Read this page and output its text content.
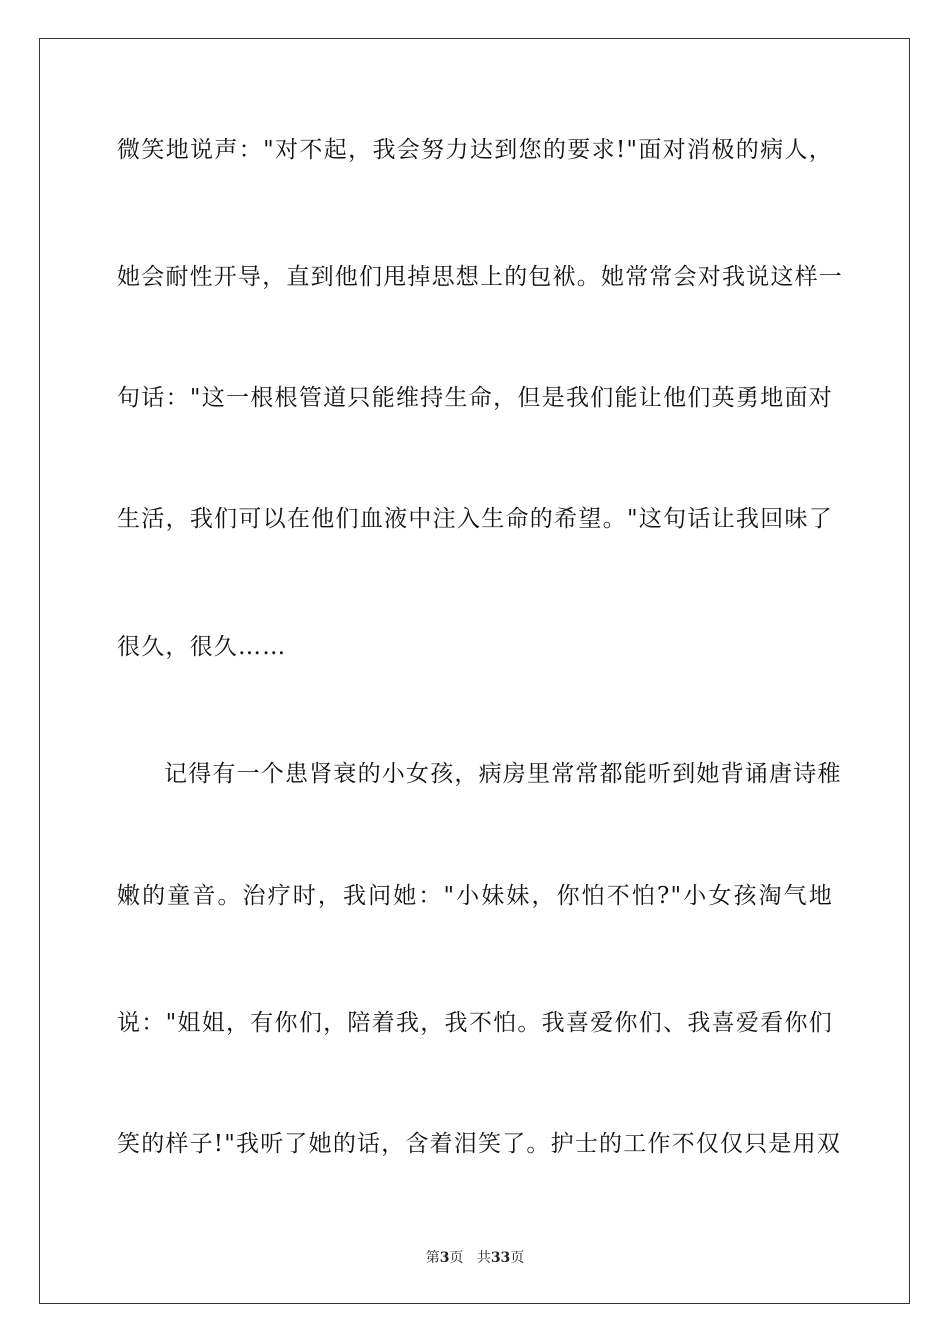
微笑地说声："对不起，我会努力达到您的要求!"面对消极的病人，
她会耐性开导，直到他们甩掉思想上的包袱。她常常会对我说这样一
句话："这一根根管道只能维持生命，但是我们能让他们英勇地面对
生活，我们可以在他们血液中注入生命的希望。"这句话让我回味了
很久，很久……
记得有一个患肾衰的小女孩，病房里常常都能听到她背诵唐诗稚
嫩的童音。治疗时，我问她："小妹妹，你怕不怕?"小女孩淘气地
说："姐姐，有你们，陪着我，我不怕。我喜爱你们、我喜爱看你们
笑的样子!"我听了她的话，含着泪笑了。护士的工作不仅仅只是用双
第3页 共33页
